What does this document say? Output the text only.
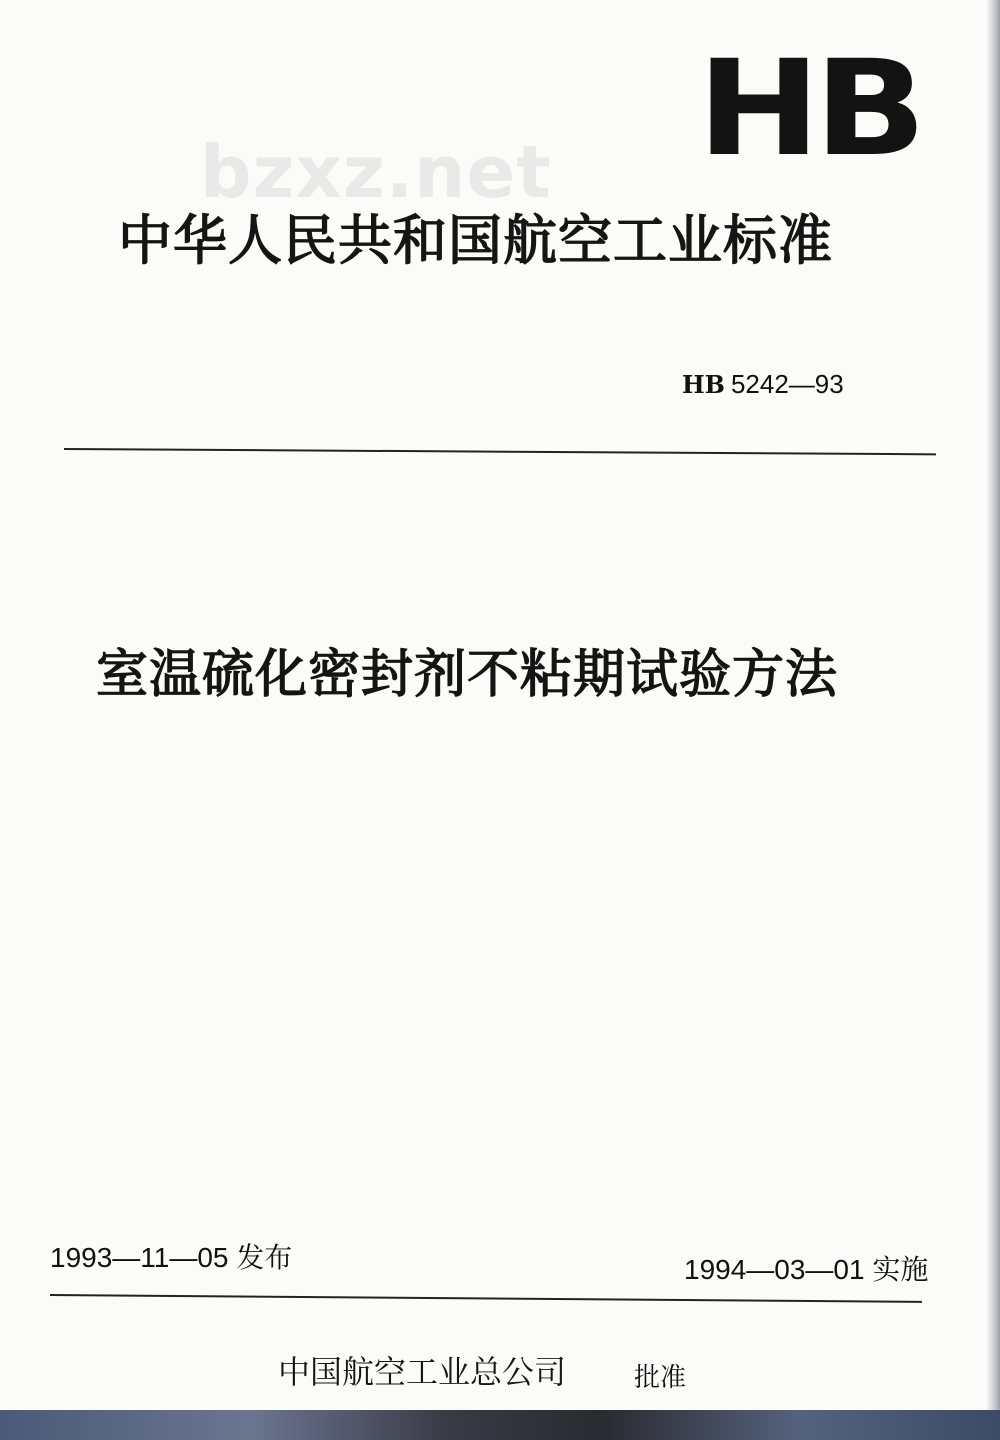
HB
bzxz.net
中华人民共和国航空工业标准
HB 5242—93
室温硫化密封剂不粘期试验方法
1993—11—05 发布	1994—03—01 实施
中国航空工业总公司	批准
